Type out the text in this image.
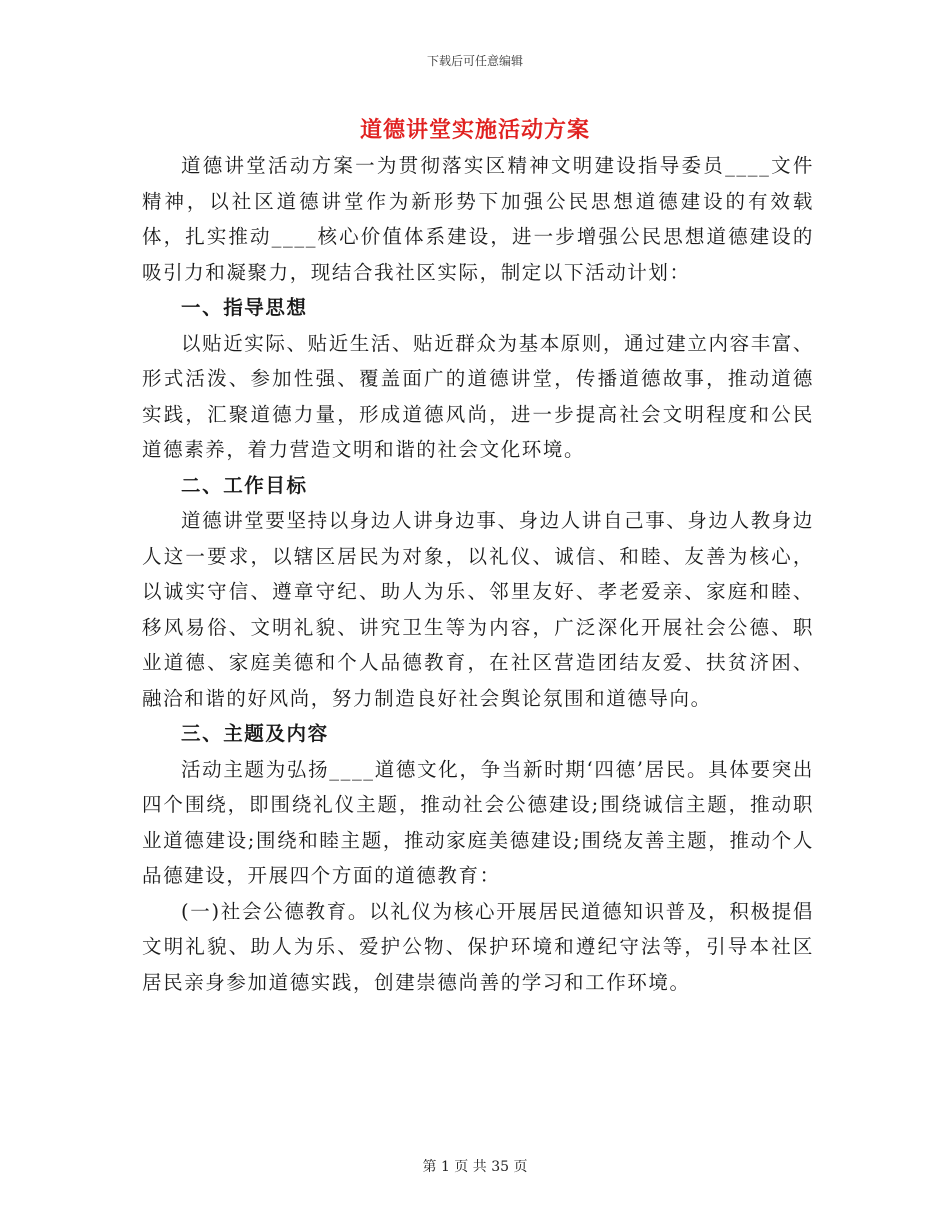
下载后可任意编辑
道德讲堂实施活动方案

道德讲堂活动方案一为贯彻落实区精神文明建设指导委员____文件精神，以社区道德讲堂作为新形势下加强公民思想道德建设的有效载体，扎实推动____核心价值体系建设，进一步增强公民思想道德建设的吸引力和凝聚力，现结合我社区实际，制定以下活动计划：

一、指导思想

以贴近实际、贴近生活、贴近群众为基本原则，通过建立内容丰富、形式活泼、参加性强、覆盖面广的道德讲堂，传播道德故事，推动道德实践，汇聚道德力量，形成道德风尚，进一步提高社会文明程度和公民道德素养，着力营造文明和谐的社会文化环境。

二、工作目标

道德讲堂要坚持以身边人讲身边事、身边人讲自己事、身边人教身边人这一要求，以辖区居民为对象，以礼仪、诚信、和睦、友善为核心，以诚实守信、遵章守纪、助人为乐、邻里友好、孝老爱亲、家庭和睦、移风易俗、文明礼貌、讲究卫生等为内容，广泛深化开展社会公德、职业道德、家庭美德和个人品德教育，在社区营造团结友爱、扶贫济困、融洽和谐的好风尚，努力制造良好社会舆论氛围和道德导向。

三、主题及内容

活动主题为弘扬____道德文化，争当新时期‘四德’居民。具体要突出四个围绕，即围绕礼仪主题，推动社会公德建设;围绕诚信主题，推动职业道德建设;围绕和睦主题，推动家庭美德建设;围绕友善主题，推动个人品德建设，开展四个方面的道德教育：

(一)社会公德教育。以礼仪为核心开展居民道德知识普及，积极提倡文明礼貌、助人为乐、爱护公物、保护环境和遵纪守法等，引导本社区居民亲身参加道德实践，创建崇德尚善的学习和工作环境。

第 1 页 共 35 页
